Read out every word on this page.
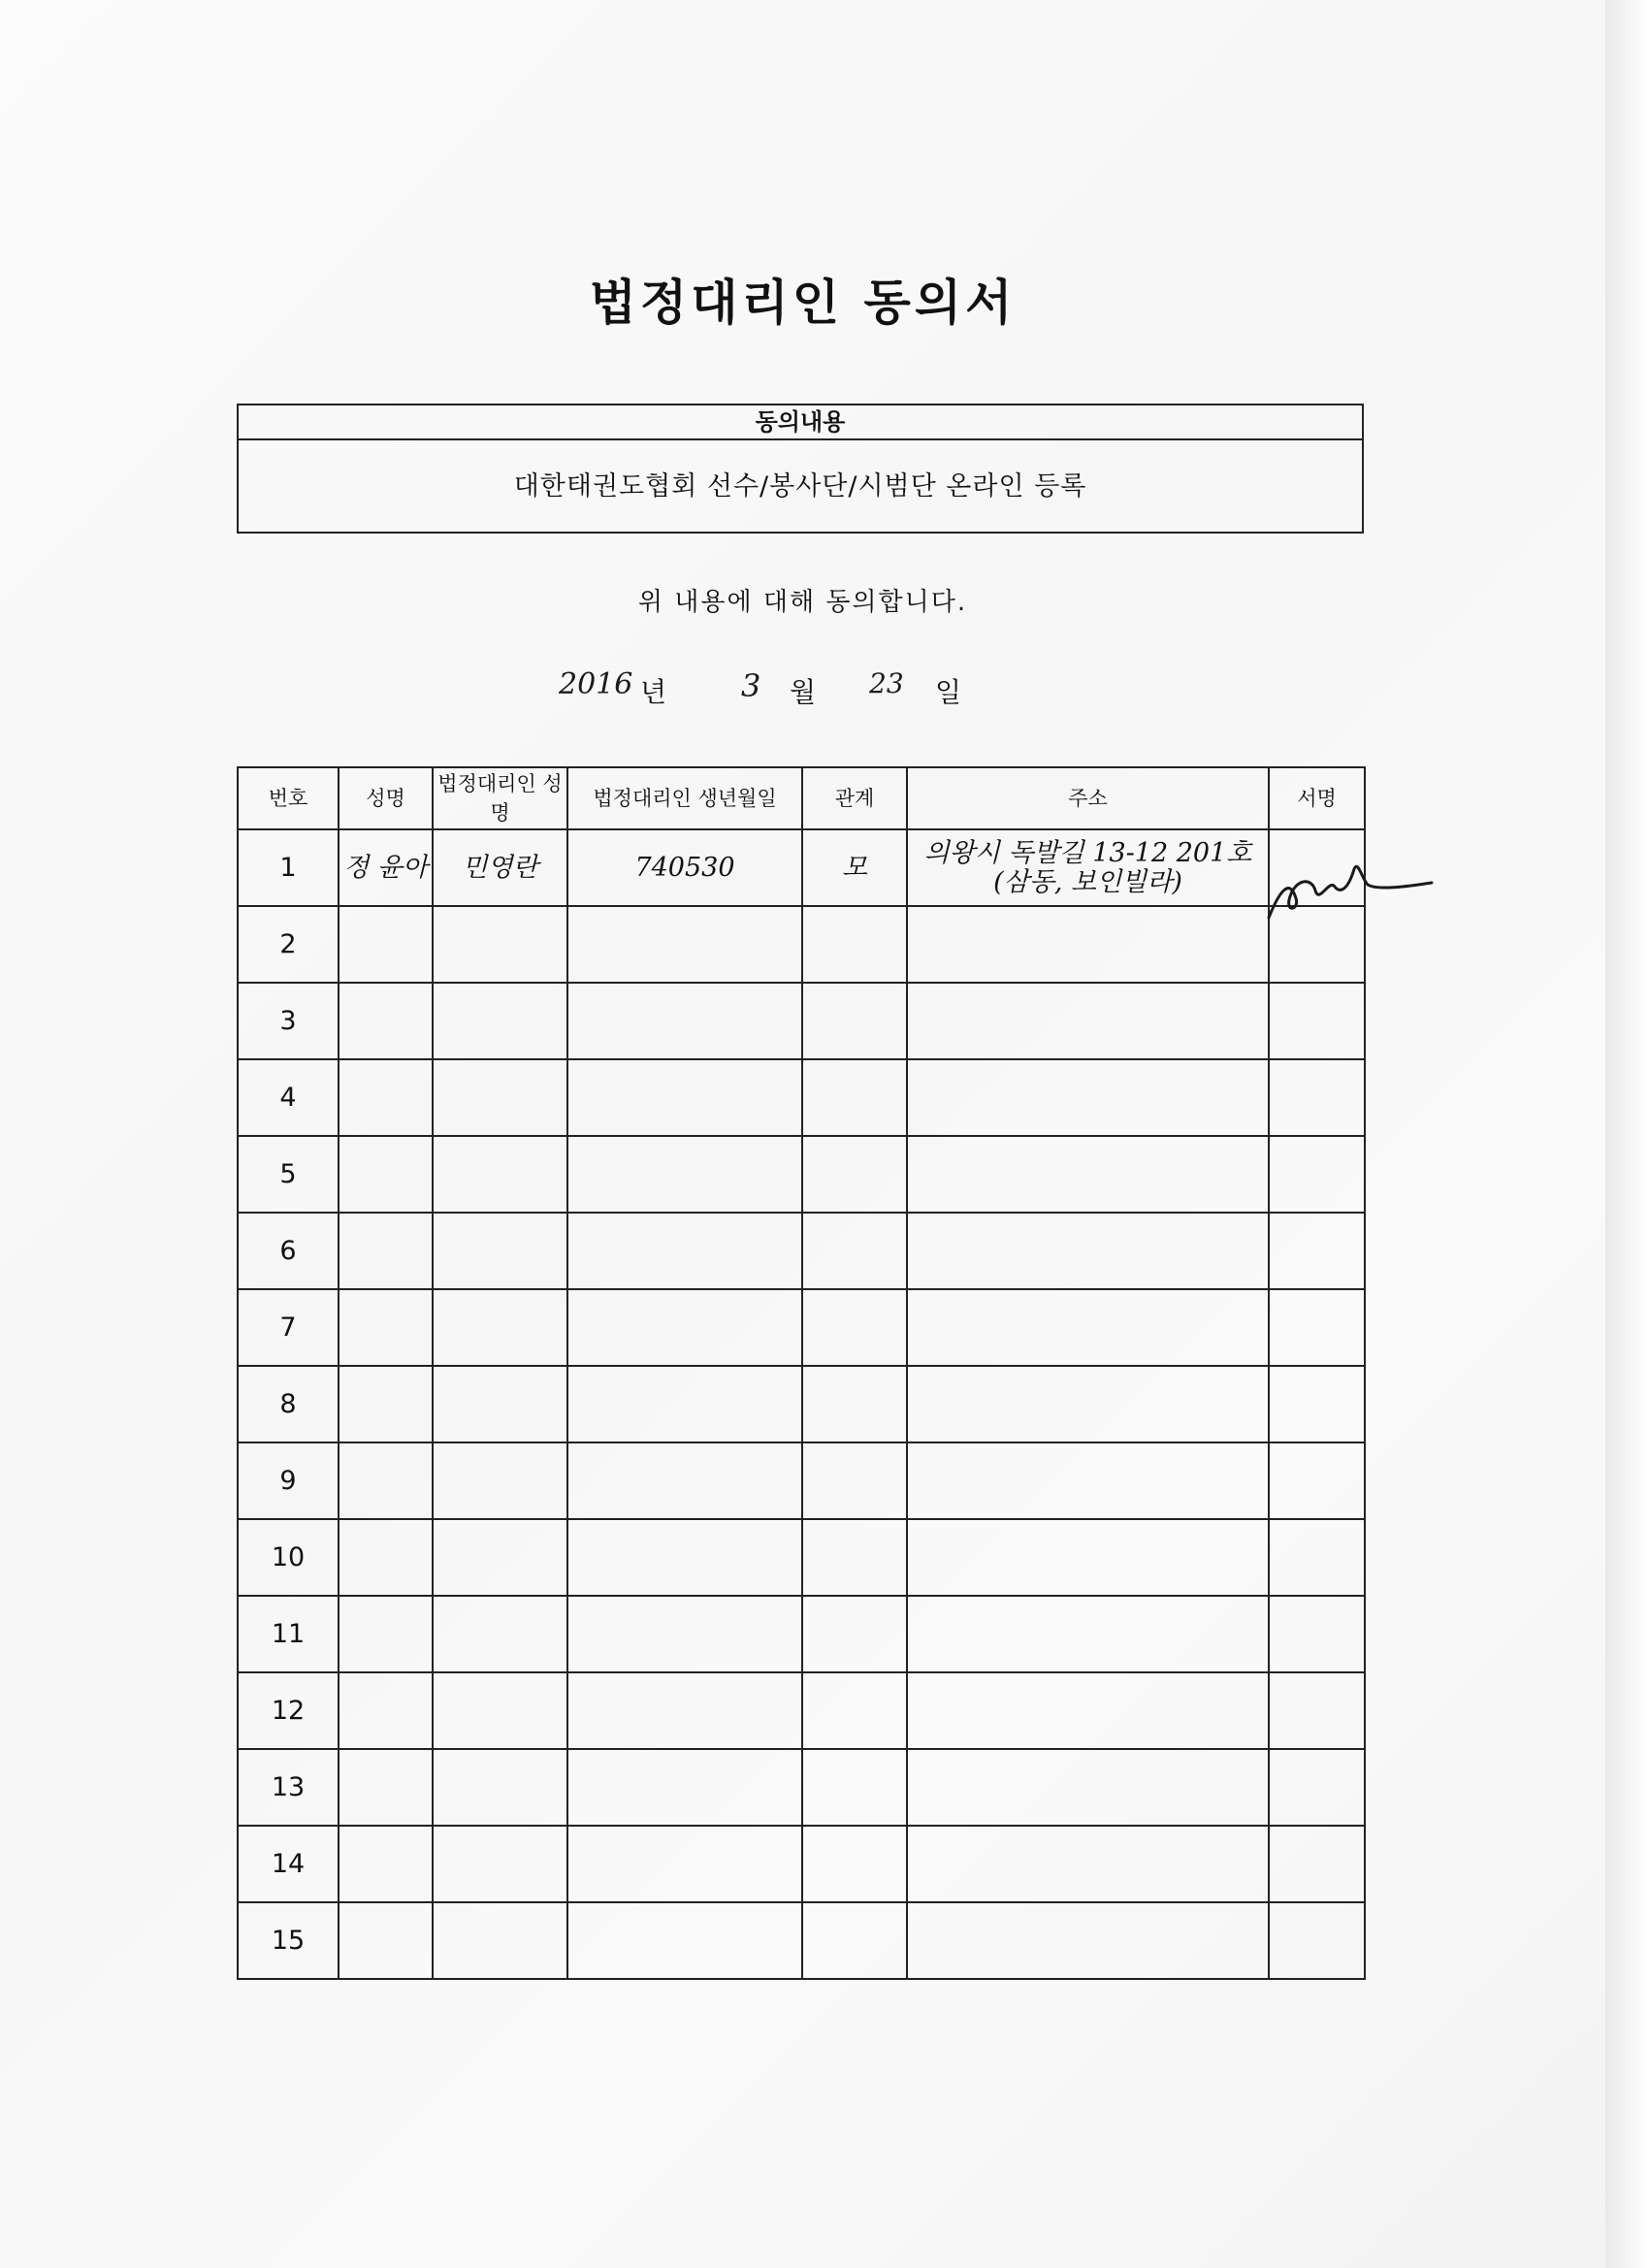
법정대리인 동의서
동의내용
대한태권도협회 선수/봉사단/시범단 온라인 등록
위 내용에 대해 동의합니다.
2016 년 3 월 23 일
번호	성명	법정대리인 성명	법정대리인 생년월일	관계	주소	서명
1	정 윤아	민영란	740530	모	의왕시 독발길 13-12 201호 (삼동, 보인빌라)	
2						
3						
4						
5						
6						
7						
8						
9						
10						
11						
12						
13						
14						
15						
